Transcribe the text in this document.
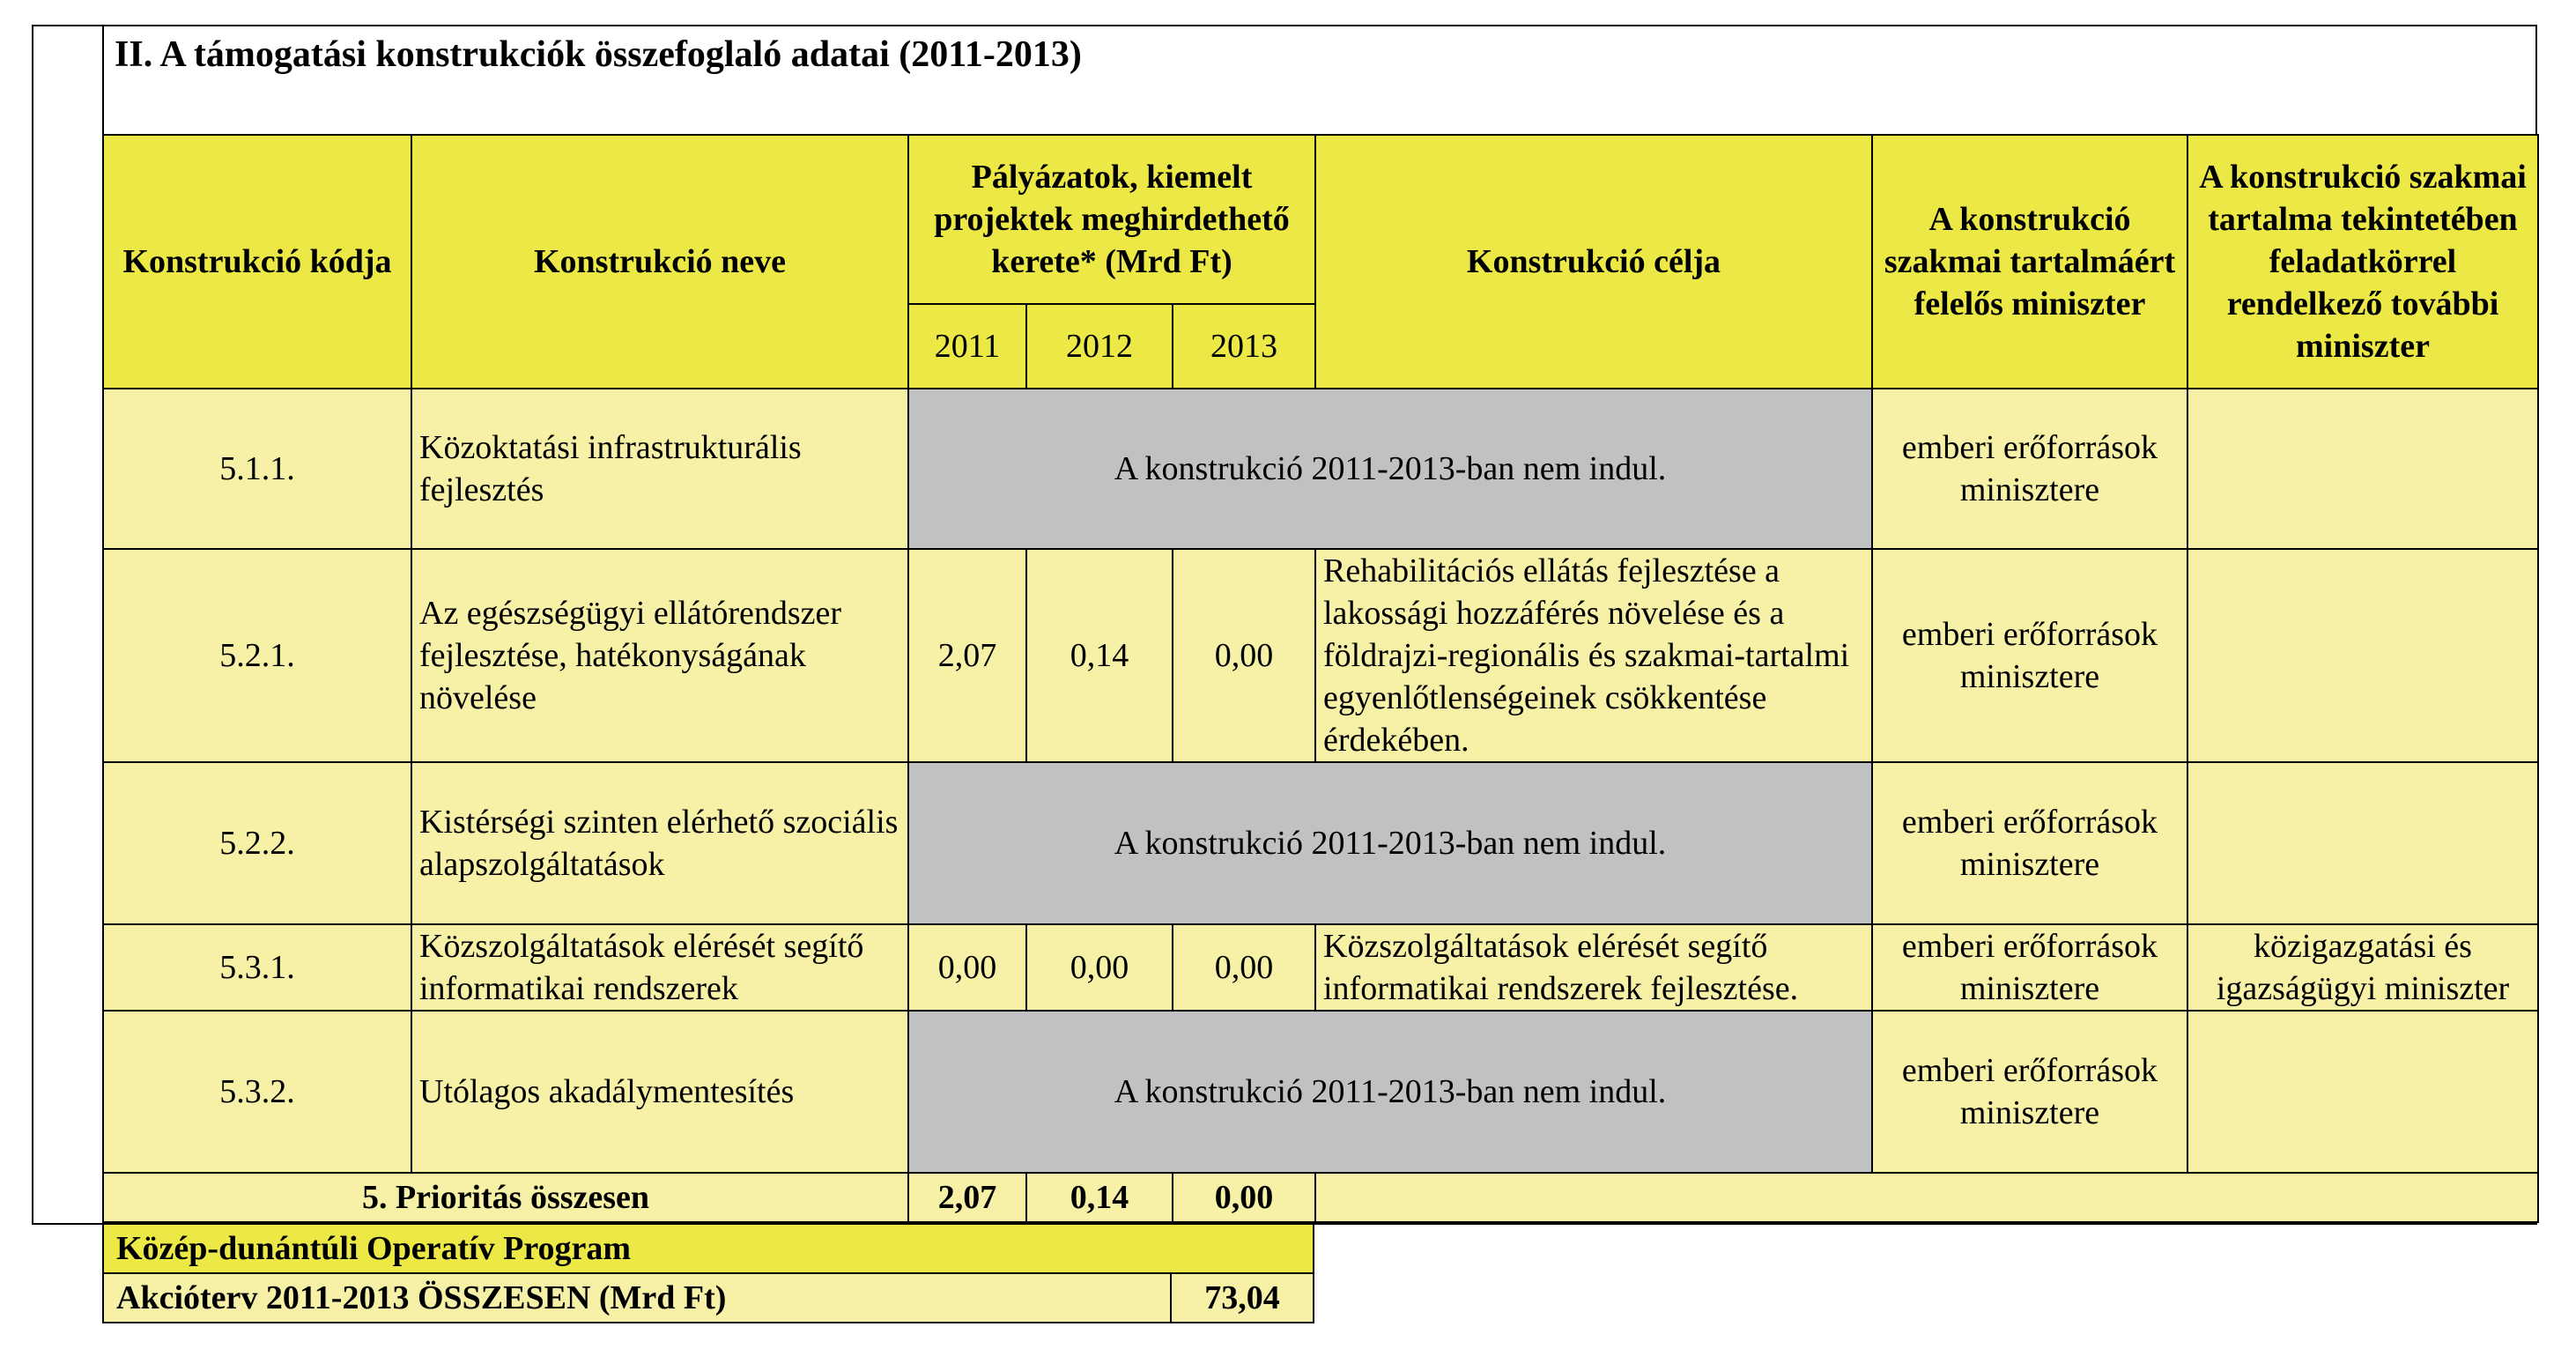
II. A támogatási konstrukciók összefoglaló adatai (2011-2013)
Konstrukció kódja	Konstrukció neve	Pályázatok, kiemelt projektek meghirdethető kerete* (Mrd Ft)			Konstrukció célja	A konstrukció szakmai tartalmáért felelős miniszter	A konstrukció szakmai tartalma tekintetében feladatkörrel rendelkező további miniszter
		2011	2012	2013			
5.1.1.	Közoktatási infrastrukturális fejlesztés	A konstrukció 2011-2013-ban nem indul.				emberi erőforrások minisztere	
5.2.1.	Az egészségügyi ellátórendszer fejlesztése, hatékonyságának növelése	2,07	0,14	0,00	Rehabilitációs ellátás fejlesztése a lakossági hozzáférés növelése és a földrajzi-regionális és szakmai-tartalmi egyenlőtlenségeinek csökkentése érdekében.	emberi erőforrások minisztere	
5.2.2.	Kistérségi szinten elérhető szociális alapszolgáltatások	A konstrukció 2011-2013-ban nem indul.				emberi erőforrások minisztere	
5.3.1.	Közszolgáltatások elérését segítő informatikai rendszerek	0,00	0,00	0,00	Közszolgáltatások elérését segítő informatikai rendszerek fejlesztése.	emberi erőforrások minisztere	közigazgatási és igazságügyi miniszter
5.3.2.	Utólagos akadálymentesítés	A konstrukció 2011-2013-ban nem indul.				emberi erőforrások minisztere	
5. Prioritás összesen		2,07	0,14	0,00			
Közép-dunántúli Operatív Program
Akcióterv 2011-2013 ÖSSZESEN (Mrd Ft)	73,04
